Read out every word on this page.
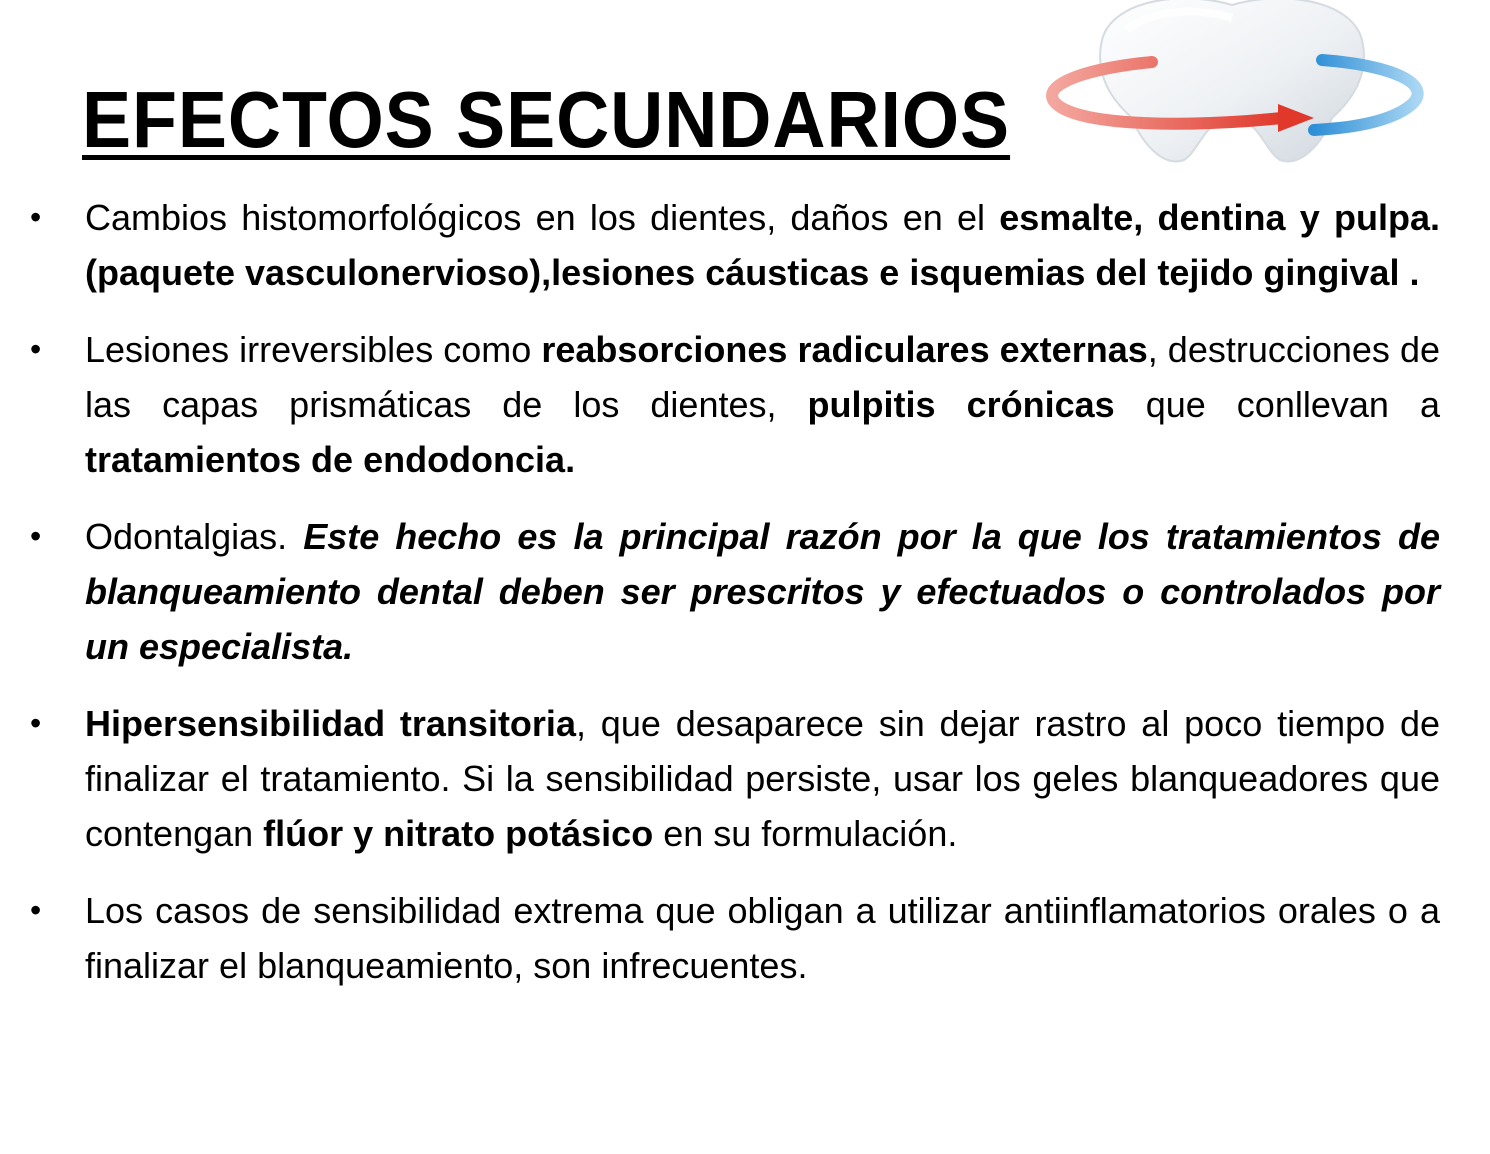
EFECTOS SECUNDARIOS
• Cambios histomorfológicos en los dientes, daños en el esmalte, dentina y pulpa.(paquete vasculonervioso),lesiones cáusticas e isquemias del tejido gingival .
• Lesiones irreversibles como reabsorciones radiculares externas, destrucciones de las capas prismáticas de los dientes, pulpitis crónicas que conllevan a tratamientos de endodoncia.
• Odontalgias. Este hecho es la principal razón por la que los tratamientos de blanqueamiento dental deben ser prescritos y efectuados o controlados por un especialista.
• Hipersensibilidad transitoria, que desaparece sin dejar rastro al poco tiempo de finalizar el tratamiento. Si la sensibilidad persiste, usar los geles blanqueadores que contengan flúor y nitrato potásico en su formulación.
• Los casos de sensibilidad extrema que obligan a utilizar antiinflamatorios orales o a finalizar el blanqueamiento, son infrecuentes.
